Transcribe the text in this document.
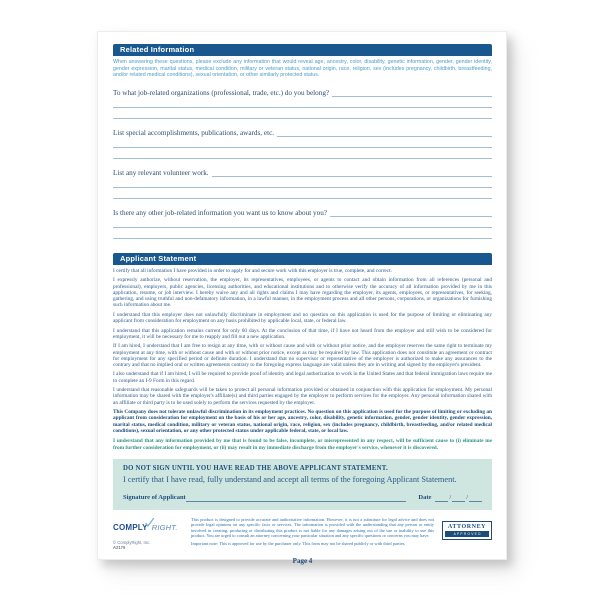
Related Information
When answering these questions, please exclude any information that would reveal age, ancestry, color, disability, genetic information, gender, gender identity, gender expression, marital status, medical condition, military or veteran status, national origin, race, religion, sex (includes pregnancy, childbirth, breastfeeding, and/or related medical conditions), sexual orientation, or other similarly protected status.
To what job-related organizations (professional, trade, etc.) do you belong?
List special accomplishments, publications, awards, etc.
List any relevant volunteer work.
Is there any other job-related information you want us to know about you?
Applicant Statement

I certify that all information I have provided in order to apply for and secure work with this employer is true, complete, and correct.

I expressly authorize, without reservation, the employer, its representatives, employees, or agents to contact and obtain information from all references (personal and professional), employers, public agencies, licensing authorities, and educational institutions and to otherwise verify the accuracy of all information provided by me in this application, resume, or job interview. I hereby waive any and all rights and claims I may have regarding the employer, its agents, employees, or representatives, for seeking, gathering, and using truthful and non-defamatory information, in a lawful manner, in the employment process and all other persons, corporations, or organizations for furnishing such information about me.

I understand that this employer does not unlawfully discriminate in employment and no question on this application is used for the purpose of limiting or eliminating any applicant from consideration for employment on any basis prohibited by applicable local, state, or federal law.

I understand that this application remains current for only 60 days. At the conclusion of that time, if I have not heard from the employer and still wish to be considered for employment, it will be necessary for me to reapply and fill out a new application.

If I am hired, I understand that I am free to resign at any time, with or without cause and with or without prior notice, and the employer reserves the same right to terminate my employment at any time, with or without cause and with or without prior notice, except as may be required by law. This application does not constitute an agreement or contract for employment for any specified period or definite duration. I understand that no supervisor or representative of the employer is authorized to make any assurances to the contrary and that no implied oral or written agreements contrary to the foregoing express language are valid unless they are in writing and signed by the employer's president.

I also understand that if I am hired, I will be required to provide proof of identity and legal authorization to work in the United States and that federal immigration laws require me to complete an I-9 Form in this regard.

I understand that reasonable safeguards will be taken to protect all personal information provided or obtained in conjunction with this application for employment. My personal information may be shared with the employer's affiliate(s) and third parties engaged by the employer to perform services for the employer. Any personal information shared with an affiliate or third party is to be used solely to perform the services requested by the employer.

This Company does not tolerate unlawful discrimination in its employment practices. No question on this application is used for the purpose of limiting or excluding an applicant from consideration for employment on the basis of his or her age, ancestry, color, disability, genetic information, gender, gender identity, gender expression, marital status, medical condition, military or veteran status, national origin, race, religion, sex (includes pregnancy, childbirth, breastfeeding, and/or related medical conditions), sexual orientation, or any other protected status under applicable federal, state, or local law.

I understand that any information provided by me that is found to be false, incomplete, or misrepresented in any respect, will be sufficient cause to (i) eliminate me from further consideration for employment, or (ii) may result in my immediate discharge from the employer's service, whenever it is discovered.

DO NOT SIGN UNTIL YOU HAVE READ THE ABOVE APPLICANT STATEMENT.
I certify that I have read, fully understand and accept all terms of the foregoing Applicant Statement.
Signature of Applicant	Date	/ /
COMPLY RIGHT.
© ComplyRight, Inc.
A2179

This product is designed to provide accurate and authoritative information. However, it is not a substitute for legal advice and does not provide legal opinions on any specific facts or services. The information is provided with the understanding that any person or entity involved in creating, producing or distributing this product is not liable for any damages arising out of the use or inability to use this product. You are urged to consult an attorney concerning your particular situation and any specific questions or concerns you may have.

Important note: This is approved for use by the purchaser only. This form may not be shared publicly or with third parties.

ATTORNEY
APPROVED
Page 4
